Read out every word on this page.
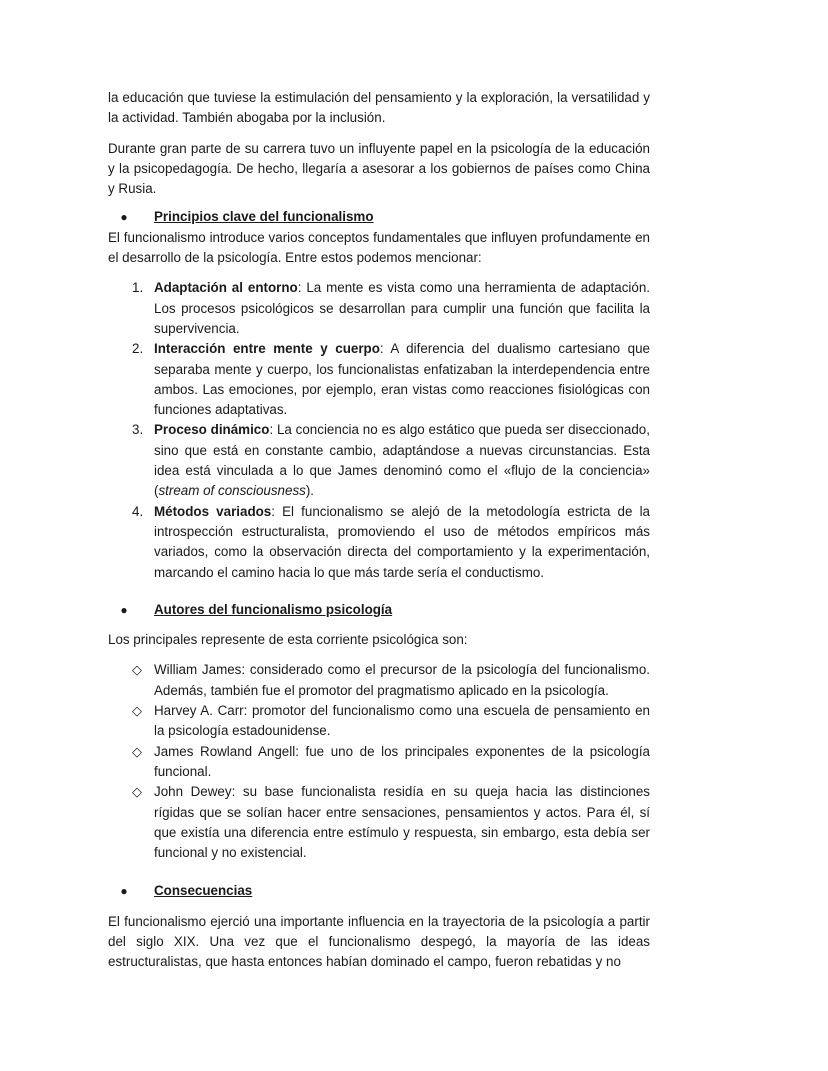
la educación que tuviese la estimulación del pensamiento y la exploración, la versatilidad y la actividad. También abogaba por la inclusión.

Durante gran parte de su carrera tuvo un influyente papel en la psicología de la educación y la psicopedagogía. De hecho, llegaría a asesorar a los gobiernos de países como China y Rusia.

● Principios clave del funcionalismo

El funcionalismo introduce varios conceptos fundamentales que influyen profundamente en el desarrollo de la psicología. Entre estos podemos mencionar:

1. Adaptación al entorno: La mente es vista como una herramienta de adaptación. Los procesos psicológicos se desarrollan para cumplir una función que facilita la supervivencia.
2. Interacción entre mente y cuerpo: A diferencia del dualismo cartesiano que separaba mente y cuerpo, los funcionalistas enfatizaban la interdependencia entre ambos. Las emociones, por ejemplo, eran vistas como reacciones fisiológicas con funciones adaptativas.
3. Proceso dinámico: La conciencia no es algo estático que pueda ser diseccionado, sino que está en constante cambio, adaptándose a nuevas circunstancias. Esta idea está vinculada a lo que James denominó como el «flujo de la conciencia» (stream of consciousness).
4. Métodos variados: El funcionalismo se alejó de la metodología estricta de la introspección estructuralista, promoviendo el uso de métodos empíricos más variados, como la observación directa del comportamiento y la experimentación, marcando el camino hacia lo que más tarde sería el conductismo.
● Autores del funcionalismo psicología

Los principales represente de esta corriente psicológica son:

◇ William James: considerado como el precursor de la psicología del funcionalismo. Además, también fue el promotor del pragmatismo aplicado en la psicología.
◇ Harvey A. Carr: promotor del funcionalismo como una escuela de pensamiento en la psicología estadounidense.
◇ James Rowland Angell: fue uno de los principales exponentes de la psicología funcional.
◇ John Dewey: su base funcionalista residía en su queja hacia las distinciones rígidas que se solían hacer entre sensaciones, pensamientos y actos. Para él, sí que existía una diferencia entre estímulo y respuesta, sin embargo, esta debía ser funcional y no existencial.
● Consecuencias

El funcionalismo ejerció una importante influencia en la trayectoria de la psicología a partir del siglo XIX. Una vez que el funcionalismo despegó, la mayoría de las ideas estructuralistas, que hasta entonces habían dominado el campo, fueron rebatidas y no
